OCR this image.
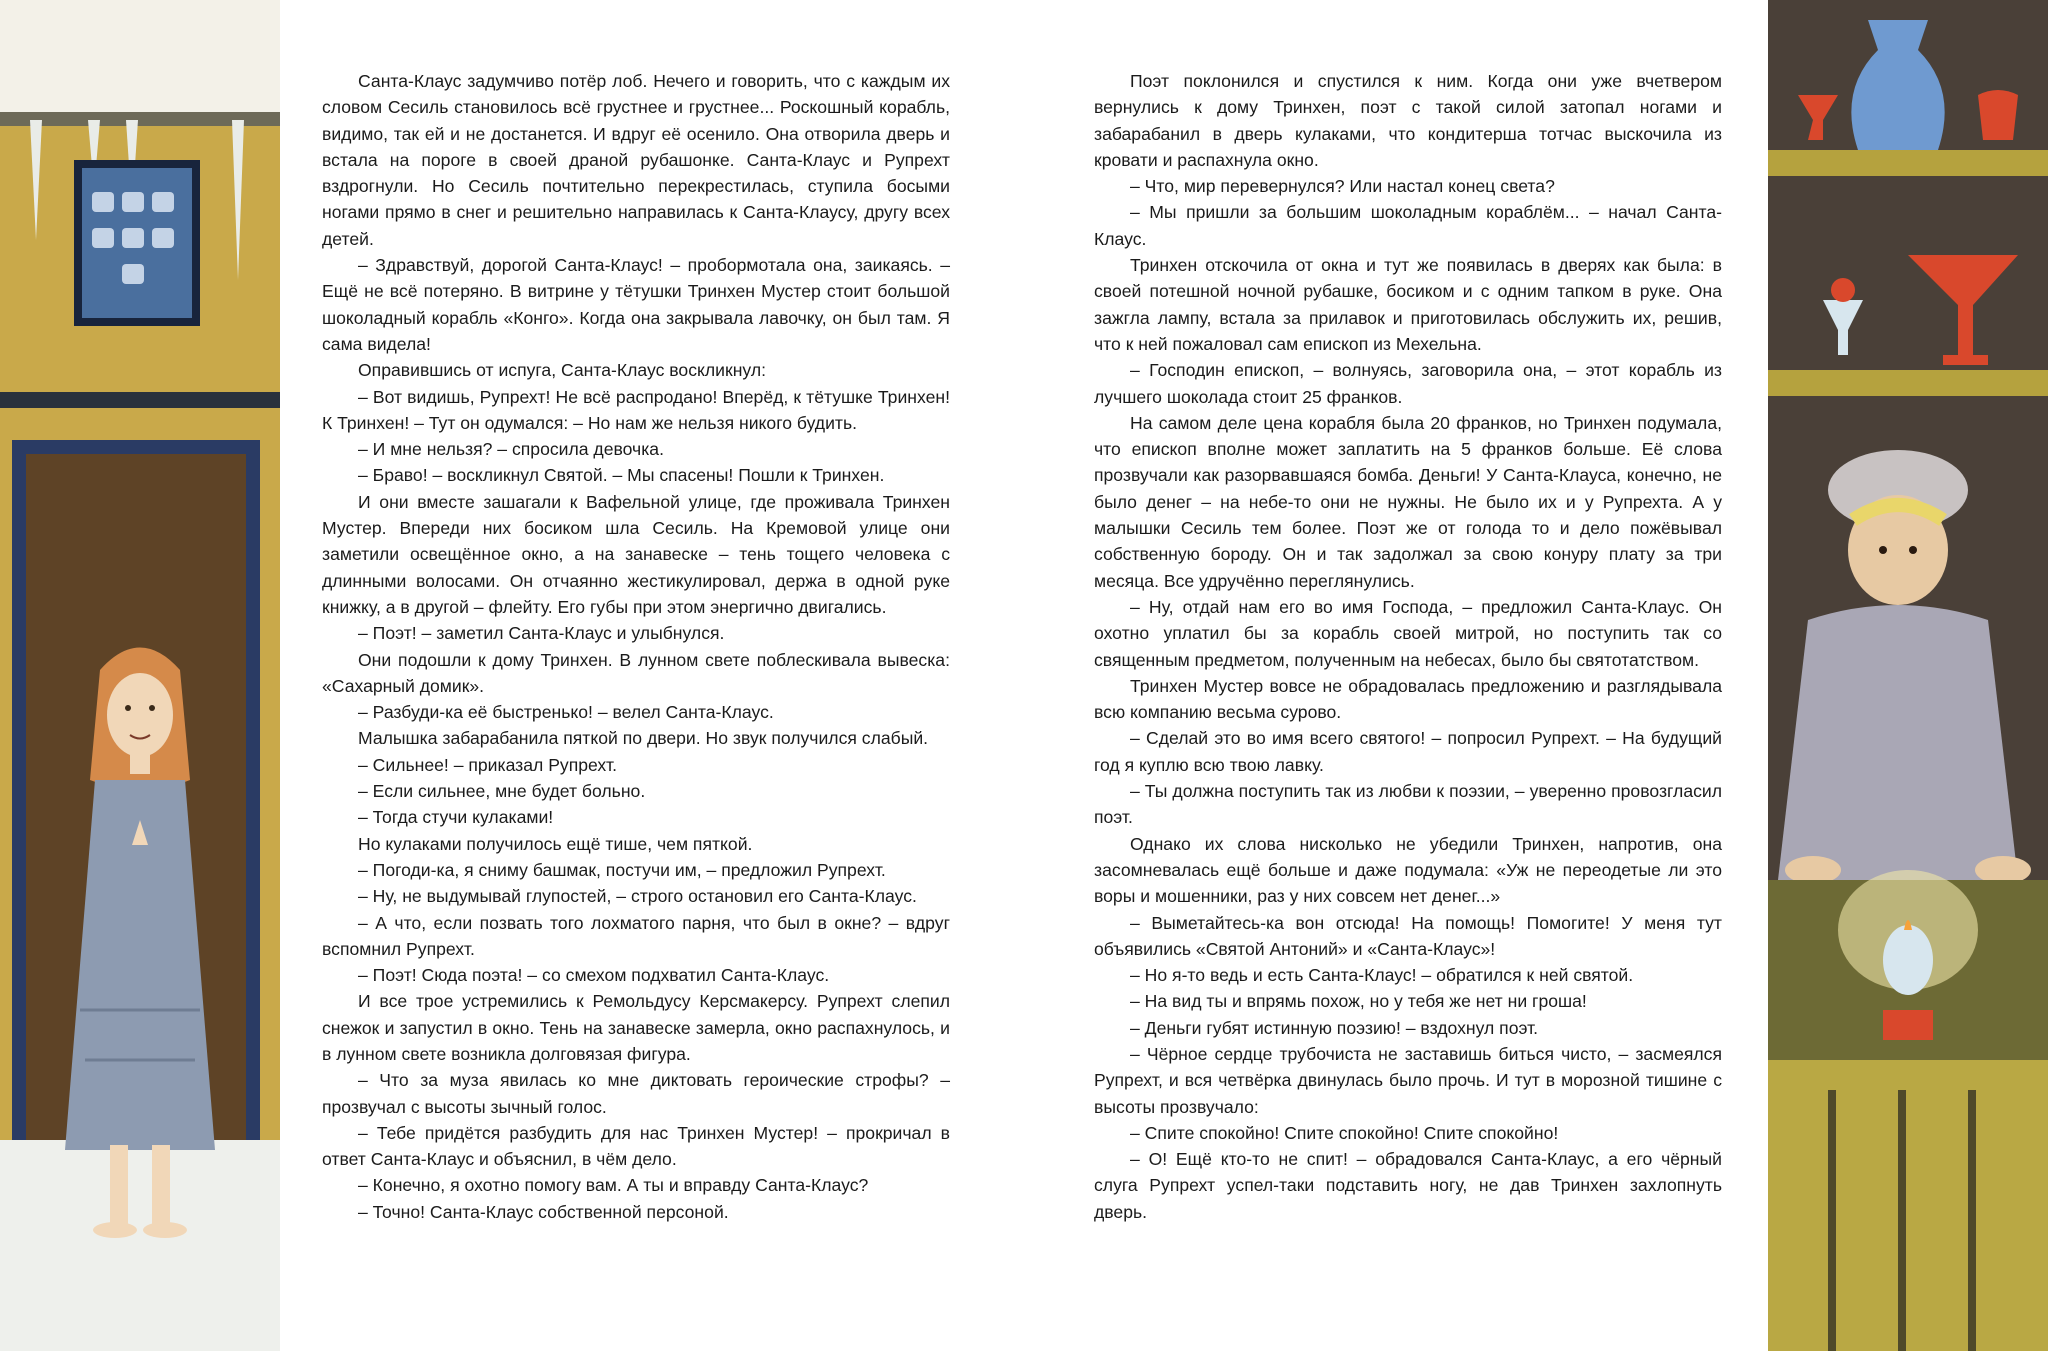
Санта-Клаус задумчиво потёр лоб. Нечего и говорить, что с каждым их словом Сесиль становилось всё грустнее и грустнее... Роскошный корабль, видимо, так ей и не достанется. И вдруг её осенило. Она отворила дверь и встала на пороге в своей драной рубашонке. Санта-Клаус и Рупрехт вздрогнули. Но Сесиль почтительно перекрестилась, ступила босыми ногами прямо в снег и решительно направилась к Санта-Клаусу, другу всех детей.

– Здравствуй, дорогой Санта-Клаус! – пробормотала она, заикаясь. – Ещё не всё потеряно. В витрине у тётушки Тринхен Мустер стоит большой шоколадный корабль «Конго». Когда она закрывала лавочку, он был там. Я сама видела!

Оправившись от испуга, Санта-Клаус воскликнул:

– Вот видишь, Рупрехт! Не всё распродано! Вперёд, к тётушке Тринхен! К Тринхен! – Тут он одумался: – Но нам же нельзя никого будить.

– И мне нельзя? – спросила девочка.

– Браво! – воскликнул Святой. – Мы спасены! Пошли к Тринхен.

И они вместе зашагали к Вафельной улице, где проживала Тринхен Мустер. Впереди них босиком шла Сесиль. На Кремовой улице они заметили освещённое окно, а на занавеске – тень тощего человека с длинными волосами. Он отчаянно жестикулировал, держа в одной руке книжку, а в другой – флейту. Его губы при этом энергично двигались.

– Поэт! – заметил Санта-Клаус и улыбнулся.

Они подошли к дому Тринхен. В лунном свете поблескивала вывеска: «Сахарный домик».

– Разбуди-ка её быстренько! – велел Санта-Клаус.

Малышка забарабанила пяткой по двери. Но звук получился слабый.

– Сильнее! – приказал Рупрехт.

– Если сильнее, мне будет больно.

– Тогда стучи кулаками!

Но кулаками получилось ещё тише, чем пяткой.

– Погоди-ка, я сниму башмак, постучи им, – предложил Рупрехт.

– Ну, не выдумывай глупостей, – строго остановил его Санта-Клаус.

– А что, если позвать того лохматого парня, что был в окне? – вдруг вспомнил Рупрехт.

– Поэт! Сюда поэта! – со смехом подхватил Санта-Клаус.

И все трое устремились к Ремольдусу Керсмакерсу. Рупрехт слепил снежок и запустил в окно. Тень на занавеске замерла, окно распахнулось, и в лунном свете возникла долговязая фигура.

– Что за муза явилась ко мне диктовать героические строфы? – прозвучал с высоты зычный голос.

– Тебе придётся разбудить для нас Тринхен Мустер! – прокричал в ответ Санта-Клаус и объяснил, в чём дело.

– Конечно, я охотно помогу вам. А ты и вправду Санта-Клаус?

– Точно! Санта-Клаус собственной персоной.

Поэт поклонился и спустился к ним. Когда они уже вчетвером вернулись к дому Тринхен, поэт с такой силой затопал ногами и забарабанил в дверь кулаками, что кондитерша тотчас выскочила из кровати и распахнула окно.

– Что, мир перевернулся? Или настал конец света?

– Мы пришли за большим шоколадным кораблём... – начал Санта-Клаус.

Тринхен отскочила от окна и тут же появилась в дверях как была: в своей потешной ночной рубашке, босиком и с одним тапком в руке. Она зажгла лампу, встала за прилавок и приготовилась обслужить их, решив, что к ней пожаловал сам епископ из Мехельна.

– Господин епископ, – волнуясь, заговорила она, – этот корабль из лучшего шоколада стоит 25 франков.

На самом деле цена корабля была 20 франков, но Тринхен подумала, что епископ вполне может заплатить на 5 франков больше. Её слова прозвучали как разорвавшаяся бомба. Деньги! У Санта-Клауса, конечно, не было денег – на небе-то они не нужны. Не было их и у Рупрехта. А у малышки Сесиль тем более. Поэт же от голода то и дело пожёвывал собственную бороду. Он и так задолжал за свою конуру плату за три месяца. Все удручённо переглянулись.

– Ну, отдай нам его во имя Господа, – предложил Санта-Клаус. Он охотно уплатил бы за корабль своей митрой, но поступить так со священным предметом, полученным на небесах, было бы святотатством.

Тринхен Мустер вовсе не обрадовалась предложению и разглядывала всю компанию весьма сурово.

– Сделай это во имя всего святого! – попросил Рупрехт. – На будущий год я куплю всю твою лавку.

– Ты должна поступить так из любви к поэзии, – уверенно провозгласил поэт.

Однако их слова нисколько не убедили Тринхен, напротив, она засомневалась ещё больше и даже подумала: «Уж не переодетые ли это воры и мошенники, раз у них совсем нет денег...»

– Выметайтесь-ка вон отсюда! На помощь! Помогите! У меня тут объявились «Святой Антоний» и «Санта-Клаус»!

– Но я-то ведь и есть Санта-Клаус! – обратился к ней святой.

– На вид ты и впрямь похож, но у тебя же нет ни гроша!

– Деньги губят истинную поэзию! – вздохнул поэт.

– Чёрное сердце трубочиста не заставишь биться чисто, – засмеялся Рупрехт, и вся четвёрка двинулась было прочь. И тут в морозной тишине с высоты прозвучало:

– Спите спокойно! Спите спокойно! Спите спокойно!

– О! Ещё кто-то не спит! – обрадовался Санта-Клаус, а его чёрный слуга Рупрехт успел-таки подставить ногу, не дав Тринхен захлопнуть дверь.
